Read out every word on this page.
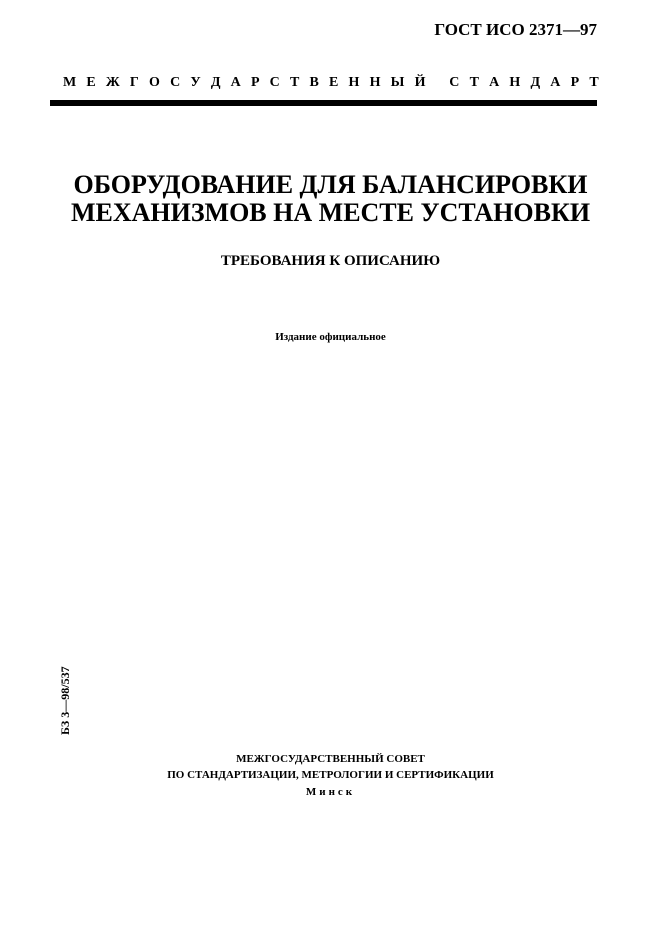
ГОСТ ИСО 2371—97
М Е Ж Г О С У Д А Р С Т В Е Н Н Ы Й
С Т А Н Д А Р Т
ОБОРУДОВАНИЕ ДЛЯ БАЛАНСИРОВКИ
МЕХАНИЗМОВ НА МЕСТЕ УСТАНОВКИ
ТРЕБОВАНИЯ К ОПИСАНИЮ
Издание официальное
БЗ 3—98/537
МЕЖГОСУДАРСТВЕННЫЙ СОВЕТ
ПО СТАНДАРТИЗАЦИИ, МЕТРОЛОГИИ И СЕРТИФИКАЦИИ
Минск
